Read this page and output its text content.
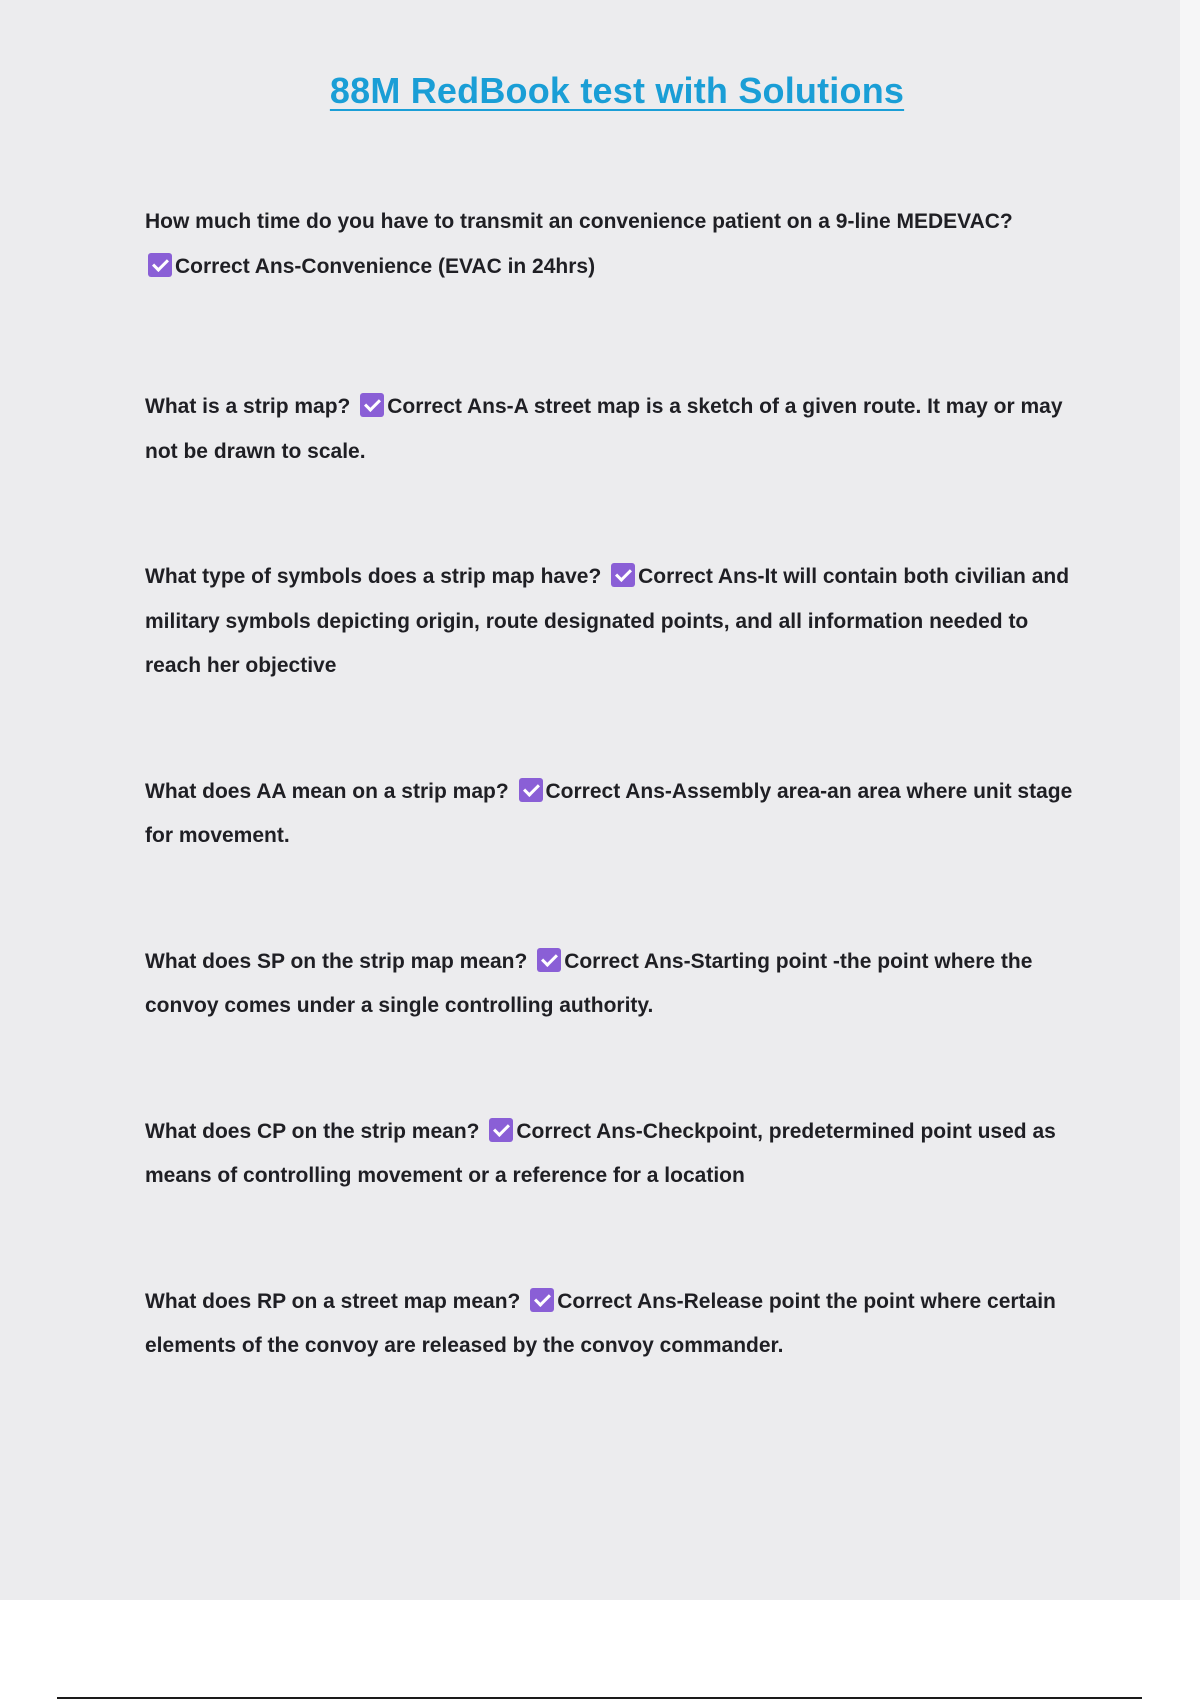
88M RedBook test with Solutions
How much time do you have to transmit an convenience patient on a 9-line MEDEVAC?
Correct Ans-Convenience (EVAC in 24hrs)
What is a strip map? Correct Ans-A street map is a sketch of a given route. It may or may not be drawn to scale.
What type of symbols does a strip map have? Correct Ans-It will contain both civilian and military symbols depicting origin, route designated points, and all information needed to reach her objective
What does AA mean on a strip map? Correct Ans-Assembly area-an area where unit stage for movement.
What does SP on the strip map mean? Correct Ans-Starting point -the point where the convoy comes under a single controlling authority.
What does CP on the strip mean? Correct Ans-Checkpoint, predetermined point used as means of controlling movement or a reference for a location
What does RP on a street map mean? Correct Ans-Release point the point where certain elements of the convoy are released by the convoy commander.
